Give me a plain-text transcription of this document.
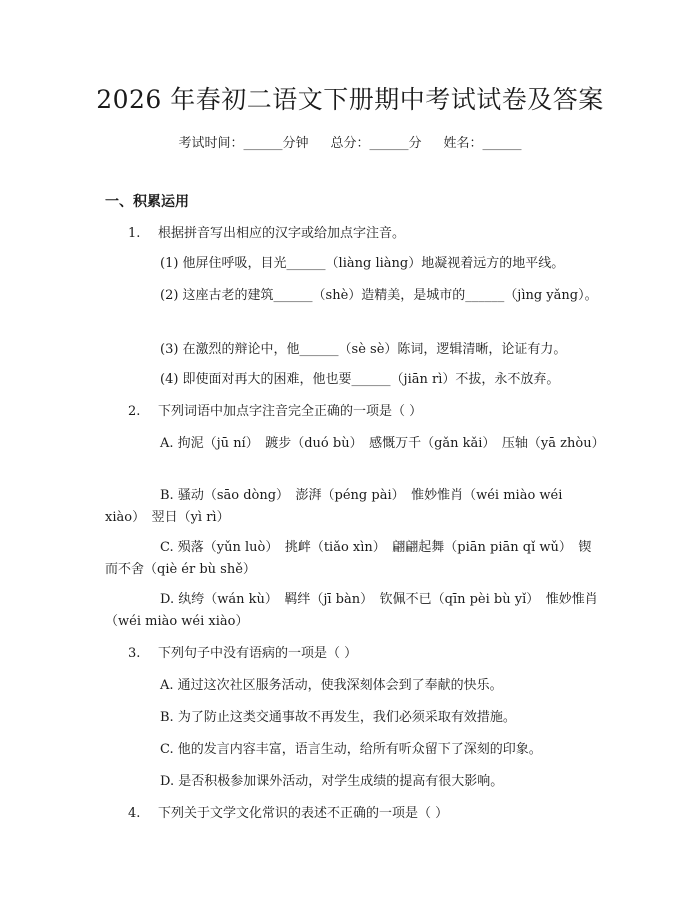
2026 年春初二语文下册期中考试试卷及答案
考试时间：______分钟 总分：______分 姓名：______
一、积累运用
1. 根据拼音写出相应的汉字或给加点字注音。
(1) 他屏住呼吸，目光______（liàng liàng）地凝视着远方的地平线。
(2) 这座古老的建筑______（shè）造精美，是城市的______（jìng yǎng）。
(3) 在激烈的辩论中，他______（sè sè）陈词，逻辑清晰，论证有力。
(4) 即使面对再大的困难，他也要______（jiān rì）不拔，永不放弃。
2. 下列词语中加点字注音完全正确的一项是（ ）
A. 拘泥（jū ní）　踱步（duó bù）　感慨万千（gǎn kǎi）　压轴（yā zhòu）
B. 骚动（sāo dòng）　澎湃（péng pài）　惟妙惟肖（wéi miào wéi xiào）　翌日（yì rì）
C. 殒落（yǔn luò）　挑衅（tiǎo xìn）　翩翩起舞（piān piān qǐ wǔ）　锲而不舍（qiè ér bù shě）
D. 纨绔（wán kù）　羁绊（jī bàn）　钦佩不已（qīn pèi bù yǐ）　惟妙惟肖（wéi miào wéi xiào）
3. 下列句子中没有语病的一项是（ ）
A. 通过这次社区服务活动，使我深刻体会到了奉献的快乐。
B. 为了防止这类交通事故不再发生，我们必须采取有效措施。
C. 他的发言内容丰富，语言生动，给所有听众留下了深刻的印象。
D. 是否积极参加课外活动，对学生成绩的提高有很大影响。
4. 下列关于文学文化常识的表述不正确的一项是（ ）
